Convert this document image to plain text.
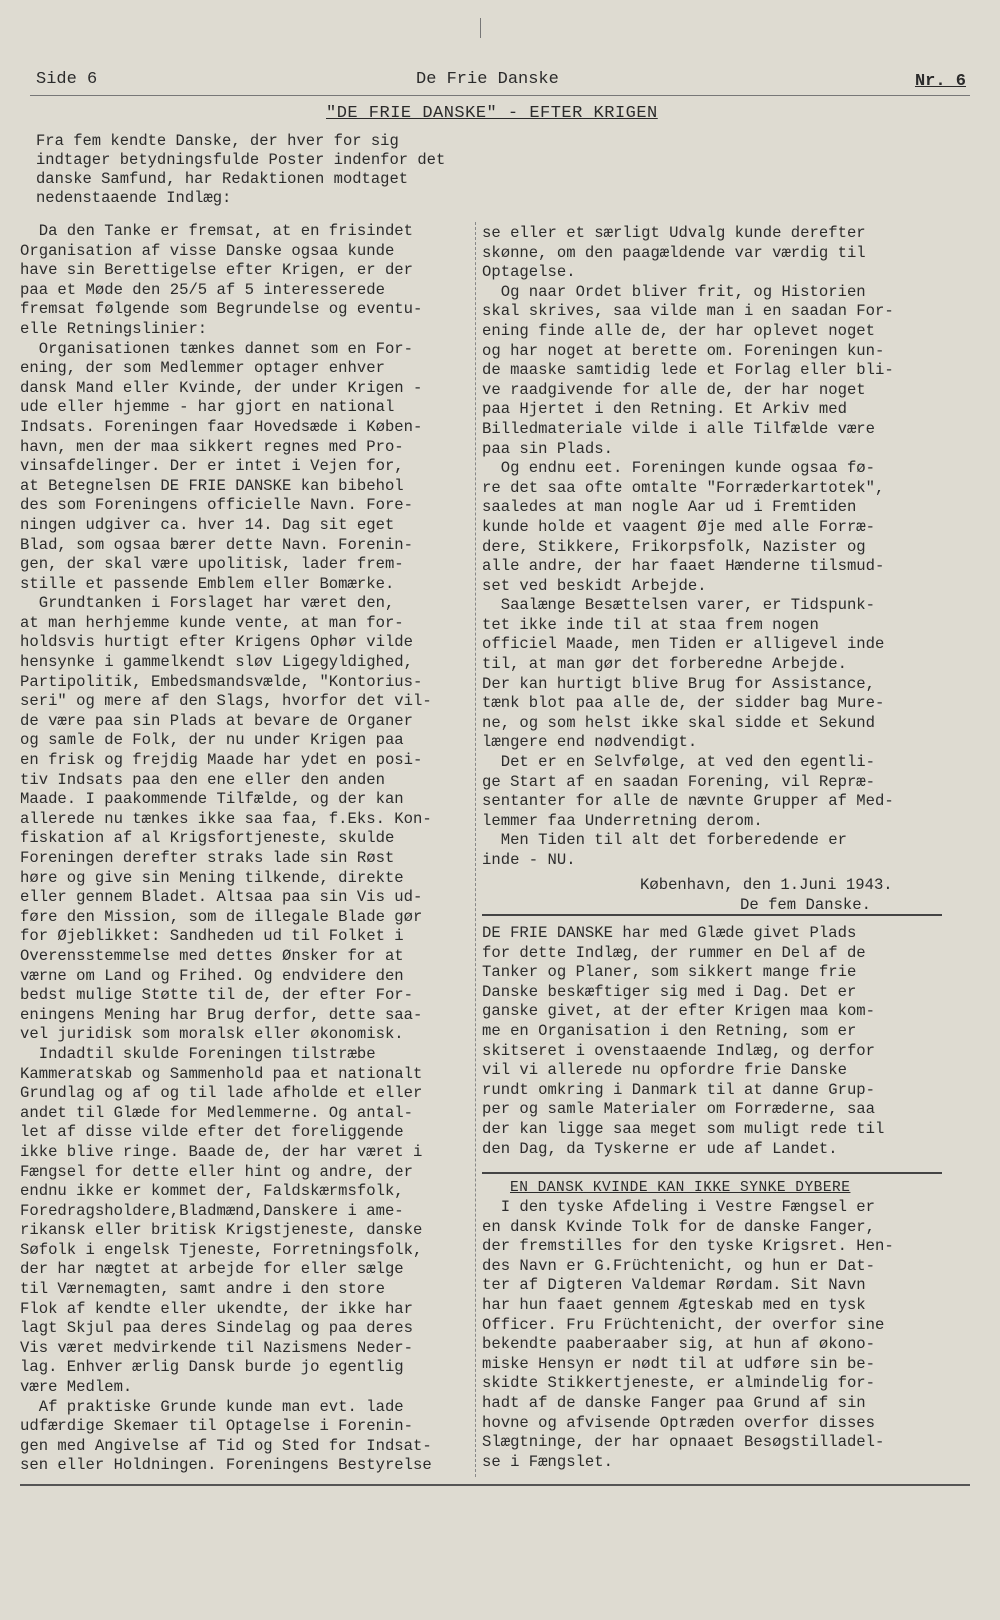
Side 6	De Frie Danske	Nr. 6
"DE FRIE DANSKE" - EFTER KRIGEN
Fra fem kendte Danske, der hver for sig indtager betydningsfulde Poster indenfor det danske Samfund, har Redaktionen modtaget nedenstaaende Indlæg:
Da den Tanke er fremsat, at en frisindet
Organisation af visse Danske ogsaa kunde
have sin Berettigelse efter Krigen, er der
paa et Møde den 25/5 af 5 interesserede
fremsat følgende som Begrundelse og eventu-
elle Retningslinier:
Organisationen tænkes dannet som en For-
ening, der som Medlemmer optager enhver
dansk Mand eller Kvinde, der under Krigen -
ude eller hjemme - har gjort en national
Indsats. Foreningen faar Hovedsæde i Køben-
havn, men der maa sikkert regnes med Pro-
vinsafdelinger. Der er intet i Vejen for,
at Betegnelsen DE FRIE DANSKE kan bibehol
des som Foreningens officielle Navn. Fore-
ningen udgiver ca. hver 14. Dag sit eget
Blad, som ogsaa bærer dette Navn. Forenin-
gen, der skal være upolitisk, lader frem-
stille et passende Emblem eller Bomærke.
Grundtanken i Forslaget har været den,
at man herhjemme kunde vente, at man for-
holdsvis hurtigt efter Krigens Ophør vilde
hensynke i gammelkendt sløv Ligegyldighed,
Partipolitik, Embedsmandsvælde, "Kontorius-
seri" og mere af den Slags, hvorfor det vil-
de være paa sin Plads at bevare de Organer
og samle de Folk, der nu under Krigen paa
en frisk og frejdig Maade har ydet en posi-
tiv Indsats paa den ene eller den anden
Maade. I paakommende Tilfælde, og der kan
allerede nu tænkes ikke saa faa, f.Eks. Kon-
fiskation af al Krigsfortjeneste, skulde
Foreningen derefter straks lade sin Røst
høre og give sin Mening tilkende, direkte
eller gennem Bladet. Altsaa paa sin Vis ud-
føre den Mission, som de illegale Blade gør
for Øjeblikket: Sandheden ud til Folket i
Overensstemmelse med dettes Ønsker for at
værne om Land og Frihed. Og endvidere den
bedst mulige Støtte til de, der efter For-
eningens Mening har Brug derfor, dette saa-
vel juridisk som moralsk eller økonomisk.
Indadtil skulde Foreningen tilstræbe
Kammeratskab og Sammenhold paa et nationalt
Grundlag og af og til lade afholde et eller
andet til Glæde for Medlemmerne. Og antal-
let af disse vilde efter det foreliggende
ikke blive ringe. Baade de, der har været i
Fængsel for dette eller hint og andre, der
endnu ikke er kommet der, Faldskærmsfolk,
Foredragsholdere,Bladmænd,Danskere i ame-
rikansk eller britisk Krigstjeneste, danske
Søfolk i engelsk Tjeneste, Forretningsfolk,
der har nægtet at arbejde for eller sælge
til Værnemagten, samt andre i den store
Flok af kendte eller ukendte, der ikke har
lagt Skjul paa deres Sindelag og paa deres
Vis været medvirkende til Nazismens Neder-
lag. Enhver ærlig Dansk burde jo egentlig
være Medlem.
Af praktiske Grunde kunde man evt. lade
udfærdige Skemaer til Optagelse i Forenin-
gen med Angivelse af Tid og Sted for Indsat-
sen eller Holdningen. Foreningens Bestyrelse
se eller et særligt Udvalg kunde derefter
skønne, om den paagældende var værdig til
Optagelse.
Og naar Ordet bliver frit, og Historien
skal skrives, saa vilde man i en saadan For-
ening finde alle de, der har oplevet noget
og har noget at berette om. Foreningen kun-
de maaske samtidig lede et Forlag eller bli-
ve raadgivende for alle de, der har noget
paa Hjertet i den Retning. Et Arkiv med
Billedmateriale vilde i alle Tilfælde være
paa sin Plads.
Og endnu eet. Foreningen kunde ogsaa fø-
re det saa ofte omtalte "Forræderkartotek",
saaledes at man nogle Aar ud i Fremtiden
kunde holde et vaagent Øje med alle Forræ-
dere, Stikkere, Frikorpsfolk, Nazister og
alle andre, der har faaet Hænderne tilsmud-
set ved beskidt Arbejde.
Saalænge Besættelsen varer, er Tidspunk-
tet ikke inde til at staa frem nogen
officiel Maade, men Tiden er alligevel inde
til, at man gør det forberedne Arbejde.
Der kan hurtigt blive Brug for Assistance,
tænk blot paa alle de, der sidder bag Mure-
ne, og som helst ikke skal sidde et Sekund
længere end nødvendigt.
Det er en Selvfølge, at ved den egentli-
ge Start af en saadan Forening, vil Repræ-
sentanter for alle de nævnte Grupper af Med-
lemmer faa Underretning derom.
Men Tiden til alt det forberedende er
inde - NU.
København, den 1.Juni 1943.
De fem Danske.
DE FRIE DANSKE har med Glæde givet Plads
for dette Indlæg, der rummer en Del af de
Tanker og Planer, som sikkert mange frie
Danske beskæftiger sig med i Dag. Det er
ganske givet, at der efter Krigen maa kom-
me en Organisation i den Retning, som er
skitseret i ovenstaaende Indlæg, og derfor
vil vi allerede nu opfordre frie Danske
rundt omkring i Danmark til at danne Grup-
per og samle Materialer om Forræderne, saa
der kan ligge saa meget som muligt rede til
den Dag, da Tyskerne er ude af Landet.
EN DANSK KVINDE KAN IKKE SYNKE DYBERE
I den tyske Afdeling i Vestre Fængsel er
en dansk Kvinde Tolk for de danske Fanger,
der fremstilles for den tyske Krigsret. Hen-
des Navn er G.Früchtenicht, og hun er Dat-
ter af Digteren Valdemar Rørdam. Sit Navn
har hun faaet gennem Ægteskab med en tysk
Officer. Fru Früchtenicht, der overfor sine
bekendte paaberaaber sig, at hun af økono-
miske Hensyn er nødt til at udføre sin be-
skidte Stikkertjeneste, er almindelig for-
hadt af de danske Fanger paa Grund af sin
hovne og afvisende Optræden overfor disses
Slægtninge, der har opnaaet Besøgstilladel-
se i Fængslet.
